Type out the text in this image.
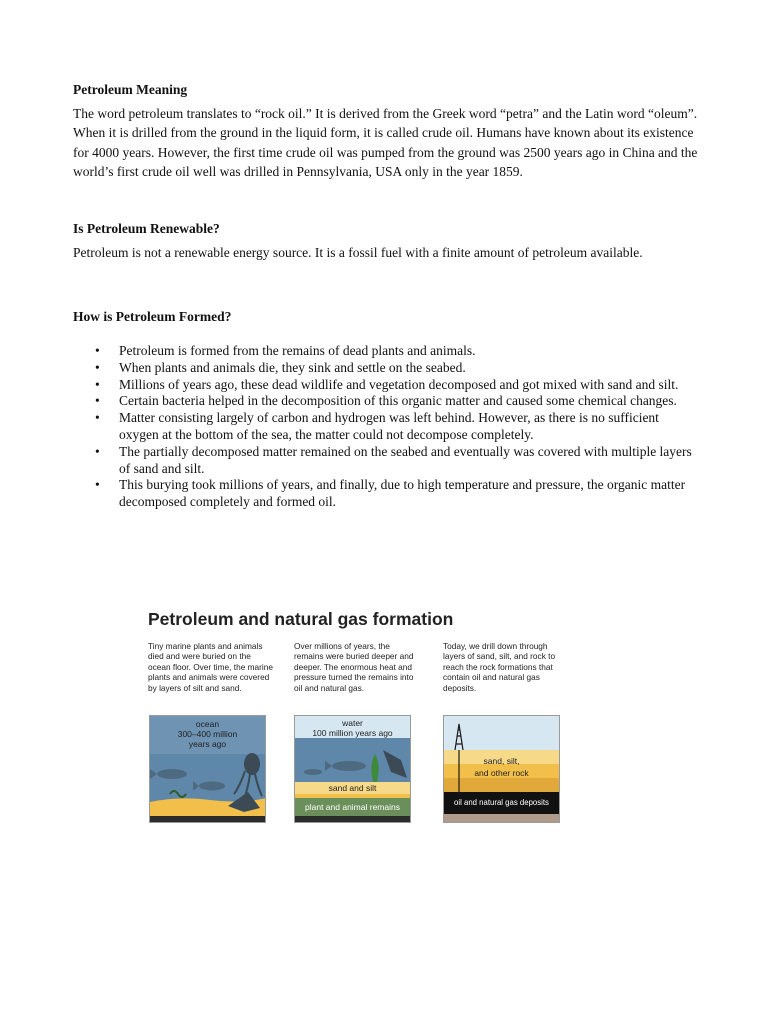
Petroleum Meaning
The word petroleum translates to “rock oil.” It is derived from the Greek word “petra” and the Latin word “oleum”. When it is drilled from the ground in the liquid form, it is called crude oil. Humans have known about its existence for 4000 years. However, the first time crude oil was pumped from the ground was 2500 years ago in China and the world’s first crude oil well was drilled in Pennsylvania, USA only in the year 1859.
Is Petroleum Renewable?
Petroleum is not a renewable energy source. It is a fossil fuel with a finite amount of petroleum available.
How is Petroleum Formed?
• Petroleum is formed from the remains of dead plants and animals.
• When plants and animals die, they sink and settle on the seabed.
• Millions of years ago, these dead wildlife and vegetation decomposed and got mixed with sand and silt.
• Certain bacteria helped in the decomposition of this organic matter and caused some chemical changes.
• Matter consisting largely of carbon and hydrogen was left behind. However, as there is no sufficient oxygen at the bottom of the sea, the matter could not decompose completely.
• The partially decomposed matter remained on the seabed and eventually was covered with multiple layers of sand and silt.
• This burying took millions of years, and finally, due to high temperature and pressure, the organic matter decomposed completely and formed oil.
Petroleum and natural gas formation
Tiny marine plants and animals died and were buried on the ocean floor. Over time, the marine plants and animals were covered by layers of silt and sand.
Over millions of years, the remains were buried deeper and deeper. The enormous heat and pressure turned the remains into oil and natural gas.
Today, we drill down through layers of sand, silt, and rock to reach the rock formations that contain oil and natural gas deposits.
ocean
300–400 million
years ago
water
100 million years ago
sand and silt
plant and animal remains
sand, silt,
and other rock
oil and natural gas deposits
